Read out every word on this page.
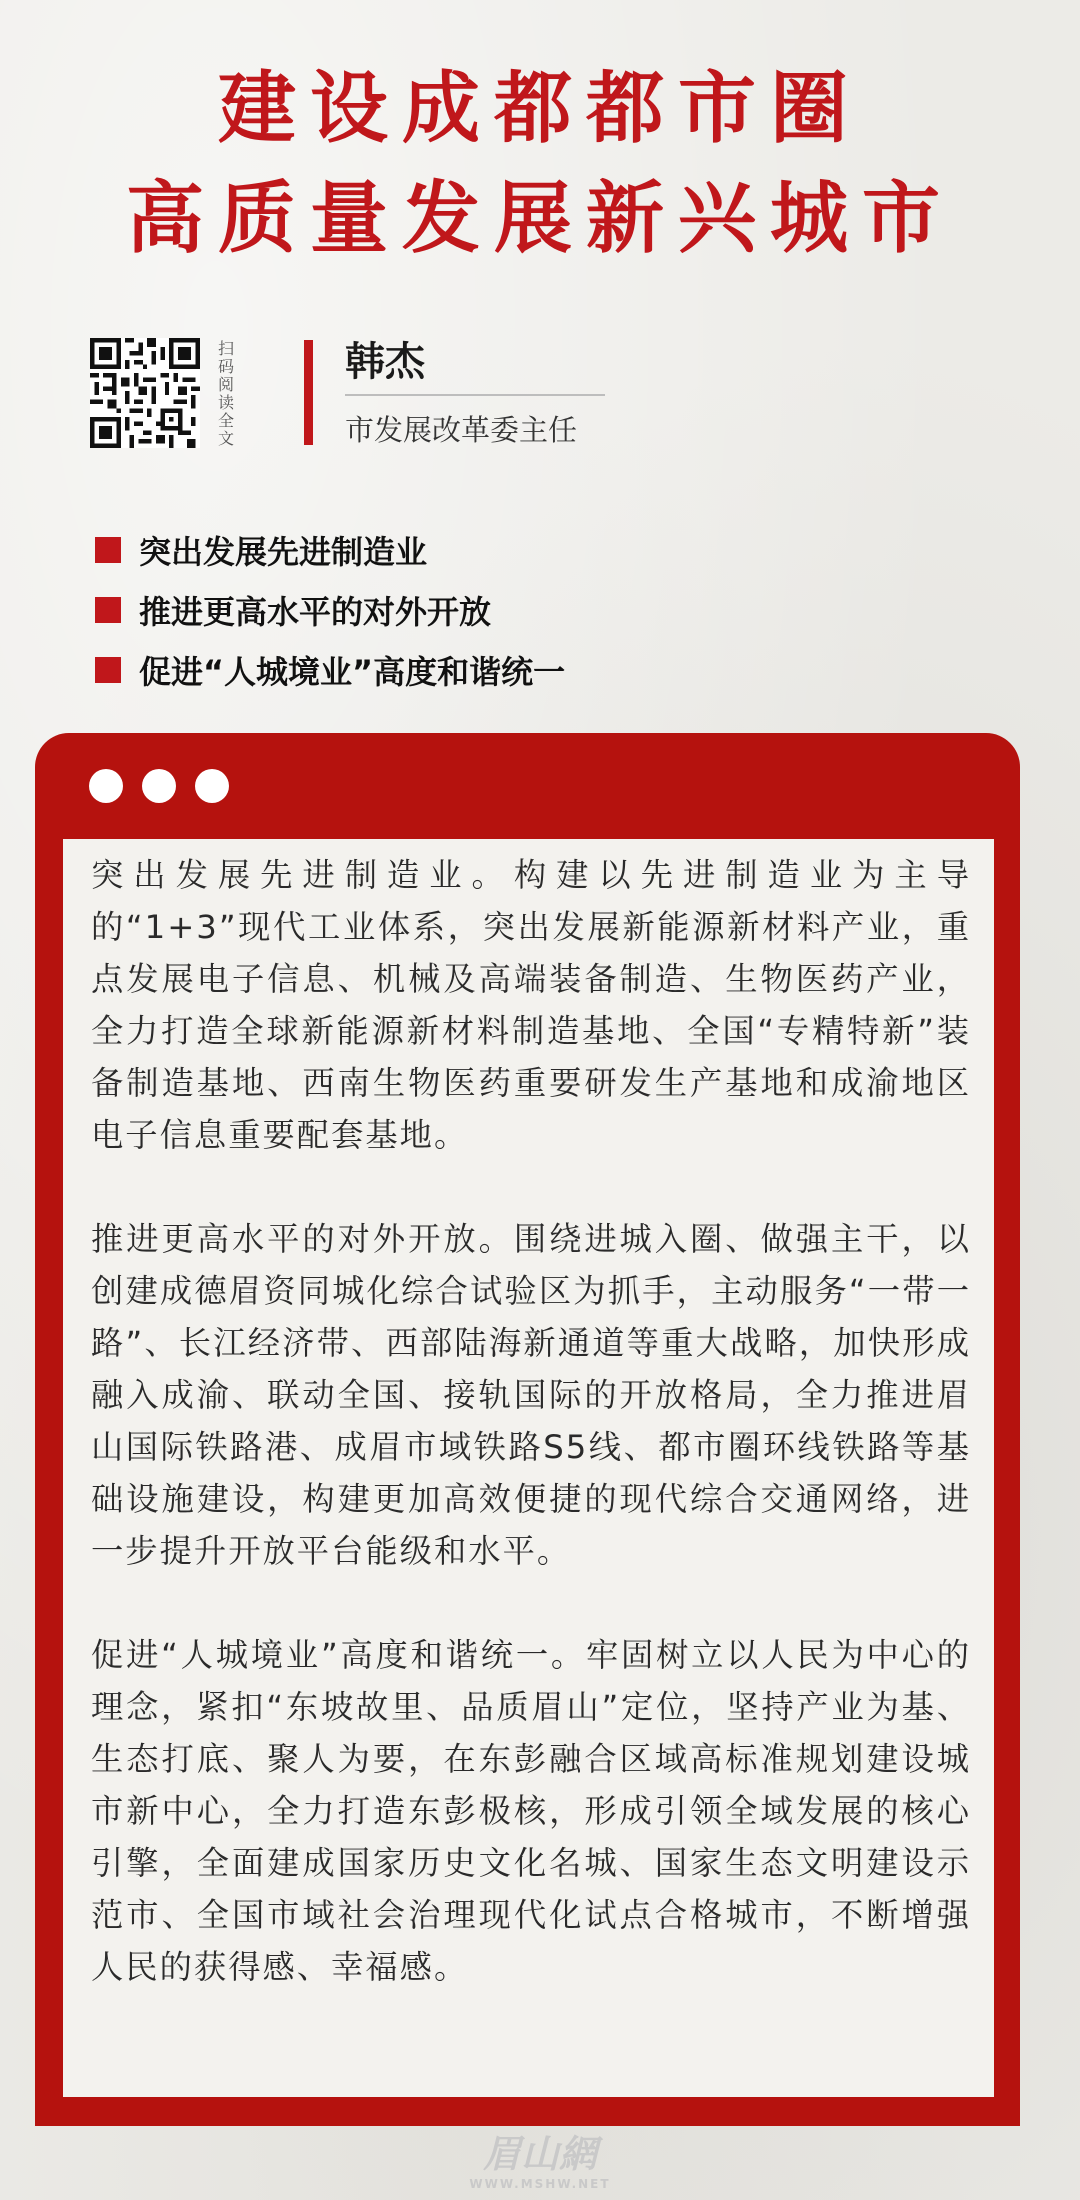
建设成都都市圈
高质量发展新兴城市
扫码阅读全文
韩杰
市发展改革委主任
突出发展先进制造业
推进更高水平的对外开放
促进“人城境业”高度和谐统一

突出发展先进制造业。构建以先进制造业为主导的“1+3”现代工业体系，突出发展新能源新材料产业，重点发展电子信息、机械及高端装备制造、生物医药产业，全力打造全球新能源新材料制造基地、全国“专精特新”装备制造基地、西南生物医药重要研发生产基地和成渝地区电子信息重要配套基地。

推进更高水平的对外开放。围绕进城入圈、做强主干，以创建成德眉资同城化综合试验区为抓手，主动服务“一带一路”、长江经济带、西部陆海新通道等重大战略，加快形成融入成渝、联动全国、接轨国际的开放格局，全力推进眉山国际铁路港、成眉市域铁路S5线、都市圈环线铁路等基础设施建设，构建更加高效便捷的现代综合交通网络，进一步提升开放平台能级和水平。

促进“人城境业”高度和谐统一。牢固树立以人民为中心的理念，紧扣“东坡故里、品质眉山”定位，坚持产业为基、生态打底、聚人为要，在东彭融合区域高标准规划建设城市新中心，全力打造东彭极核，形成引领全域发展的核心引擎，全面建成国家历史文化名城、国家生态文明建设示范市、全国市域社会治理现代化试点合格城市，不断增强人民的获得感、幸福感。

眉山網
WWW.MSHW.NET
